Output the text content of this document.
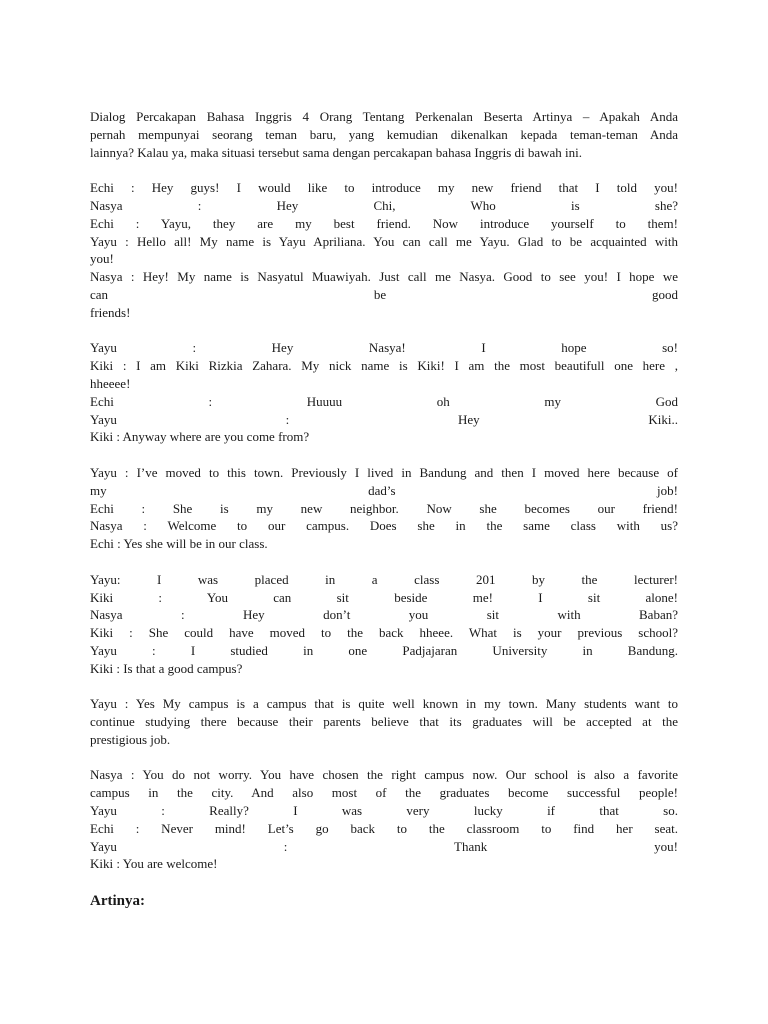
Dialog Percakapan Bahasa Inggris 4 Orang Tentang Perkenalan Beserta Artinya – Apakah Anda
pernah mempunyai seorang teman baru, yang kemudian dikenalkan kepada teman-teman Anda
lainnya? Kalau ya, maka situasi tersebut sama dengan percakapan bahasa Inggris di bawah ini.
Echi : Hey guys! I would like to introduce my new friend that I told you!
Nasya : Hey Chi, Who is she?
Echi : Yayu, they are my best friend. Now introduce yourself to them!
Yayu : Hello all! My name is Yayu Apriliana. You can call me Yayu. Glad to be acquainted with
you!
Nasya : Hey! My name is Nasyatul Muawiyah. Just call me Nasya. Good to see you! I hope we
can be good
friends!
Yayu : Hey Nasya! I hope so!
Kiki : I am Kiki Rizkia Zahara. My nick name is Kiki! I am the most beautifull one here ,
hheeee!
Echi : Huuuu oh my God
Yayu : Hey Kiki..
Kiki : Anyway where are you come from?
Yayu : I’ve moved to this town. Previously I lived in Bandung and then I moved here because of
my dad’s job!
Echi : She is my new neighbor. Now she becomes our friend!
Nasya : Welcome to our campus. Does she in the same class with us?
Echi : Yes she will be in our class.
Yayu: I was placed in a class 201 by the lecturer!
Kiki : You can sit beside me! I sit alone!
Nasya : Hey don’t you sit with Baban?
Kiki : She could have moved to the back hheee. What is your previous school?
Yayu : I studied in one Padjajaran University in Bandung.
Kiki : Is that a good campus?
Yayu : Yes My campus is a campus that is quite well known in my town. Many students want to
continue studying there because their parents believe that its graduates will be accepted at the
prestigious job.
Nasya : You do not worry. You have chosen the right campus now. Our school is also a favorite
campus in the city. And also most of the graduates become successful people!
Yayu : Really? I was very lucky if that so.
Echi : Never mind! Let’s go back to the classroom to find her seat.
Yayu : Thank you!
Kiki : You are welcome!
Artinya:
